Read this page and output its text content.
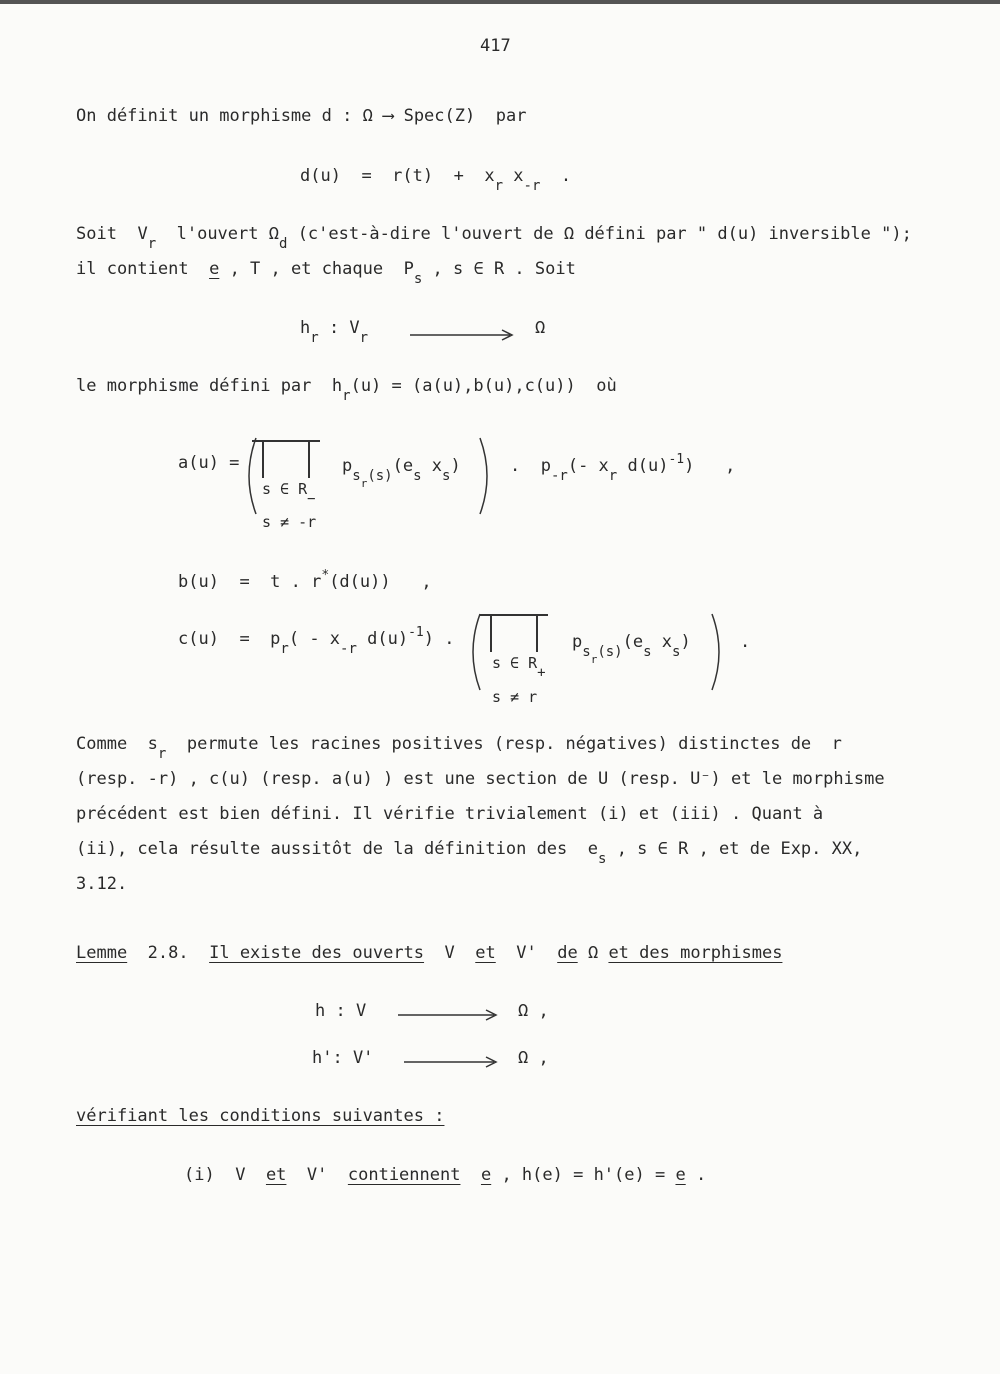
417
On définit un morphisme d : Ω ⟶ Spec(Z) par
$d(u) = r(t) + x_r$ $x_{-r}$ .
Soit $V_r$ l'ouvert $\Omega_d$ (c'est-à-dire l'ouvert de Ω défini par " d(u) inversible ");
il contient e , T , et chaque $P_s$ , s ∈ R . Soit
$h_r$ : $V_r$	Ω
le morphisme défini par $h_r(u) = (a(u),b(u),c(u))$ où
a(u) =
s ∈ R−
s ≠ -r
$p_{sr(s)}(e_s$ $x_s$)	. $p_{-r}(-$ $x_r$ $d(u)^{-1}$) ,
b(u) = t . r*(d(u)) ,
$c(u) = p_r( - x_{-r}$ $d(u)^{-1}$) .
s ∈ R+
s ≠ r
$p_{sr(s)}(e_s$ $x_s$)	.
Comme $s_r$ permute les racines positives (resp. négatives) distinctes de r
(resp. -r) , c(u) (resp. a(u) ) est une section de U (resp. U⁻) et le morphisme
précédent est bien défini. Il vérifie trivialement (i) et (iii) . Quant à
(ii), cela résulte aussitôt de la définition des $e_s$ , s ∈ R , et de Exp. XX,
3.12.
Lemme 2.8. Il existe des ouverts V et V' de Ω et des morphismes
h : V	Ω ,
h': V'	Ω ,
vérifiant les conditions suivantes :
(i) V et V' contiennent e , h(e) = h'(e) = e .
